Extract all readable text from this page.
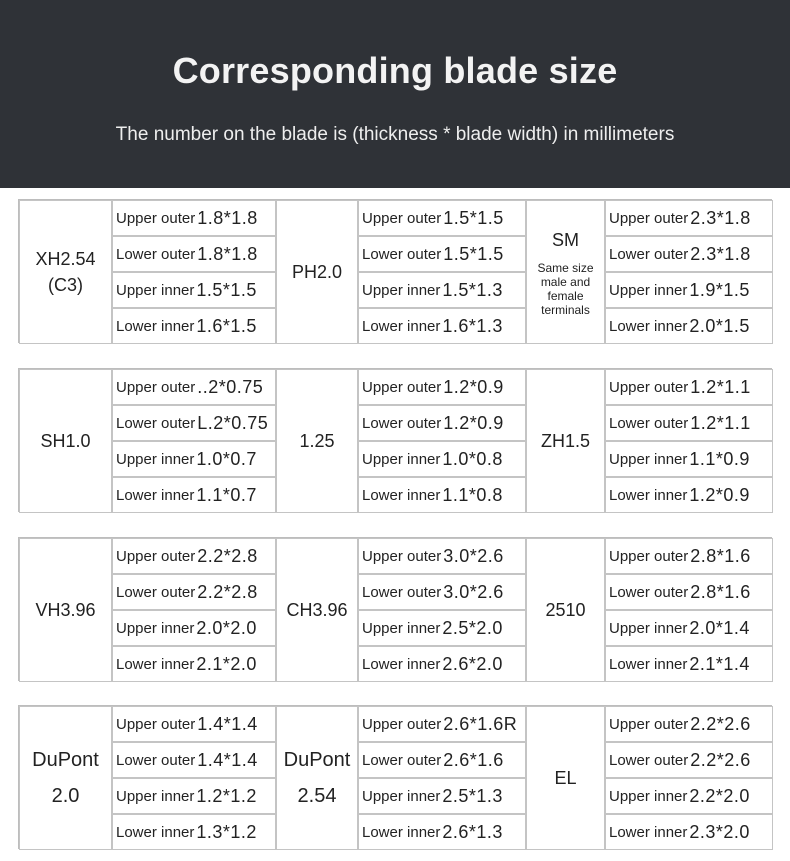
Corresponding blade size
The number on the blade is (thickness * blade width) in millimeters
XH2.54
(C3)
Upper outer 1.8*1.8
Lower outer 1.8*1.8
Upper inner 1.5*1.5
Lower inner 1.6*1.5
PH2.0
Upper outer 1.5*1.5
Lower outer 1.5*1.5
Upper inner 1.5*1.3
Lower inner 1.6*1.3
SM
Same size
male and
female
terminals
Upper outer 2.3*1.8
Lower outer 2.3*1.8
Upper inner 1.9*1.5
Lower inner 2.0*1.5
SH1.0
Upper outer ..2*0.75
Lower outer L.2*0.75
Upper inner 1.0*0.7
Lower inner 1.1*0.7
1.25
Upper outer 1.2*0.9
Lower outer 1.2*0.9
Upper inner 1.0*0.8
Lower inner 1.1*0.8
ZH1.5
Upper outer 1.2*1.1
Lower outer 1.2*1.1
Upper inner 1.1*0.9
Lower inner 1.2*0.9
VH3.96
Upper outer 2.2*2.8
Lower outer 2.2*2.8
Upper inner 2.0*2.0
Lower inner 2.1*2.0
CH3.96
Upper outer 3.0*2.6
Lower outer 3.0*2.6
Upper inner 2.5*2.0
Lower inner 2.6*2.0
2510
Upper outer 2.8*1.6
Lower outer 2.8*1.6
Upper inner 2.0*1.4
Lower inner 2.1*1.4
DuPont
2.0
Upper outer 1.4*1.4
Lower outer 1.4*1.4
Upper inner 1.2*1.2
Lower inner 1.3*1.2
DuPont
2.54
Upper outer 2.6*1.6R
Lower outer 2.6*1.6
Upper inner 2.5*1.3
Lower inner 2.6*1.3
EL
Upper outer 2.2*2.6
Lower outer 2.2*2.6
Upper inner 2.2*2.0
Lower inner 2.3*2.0
